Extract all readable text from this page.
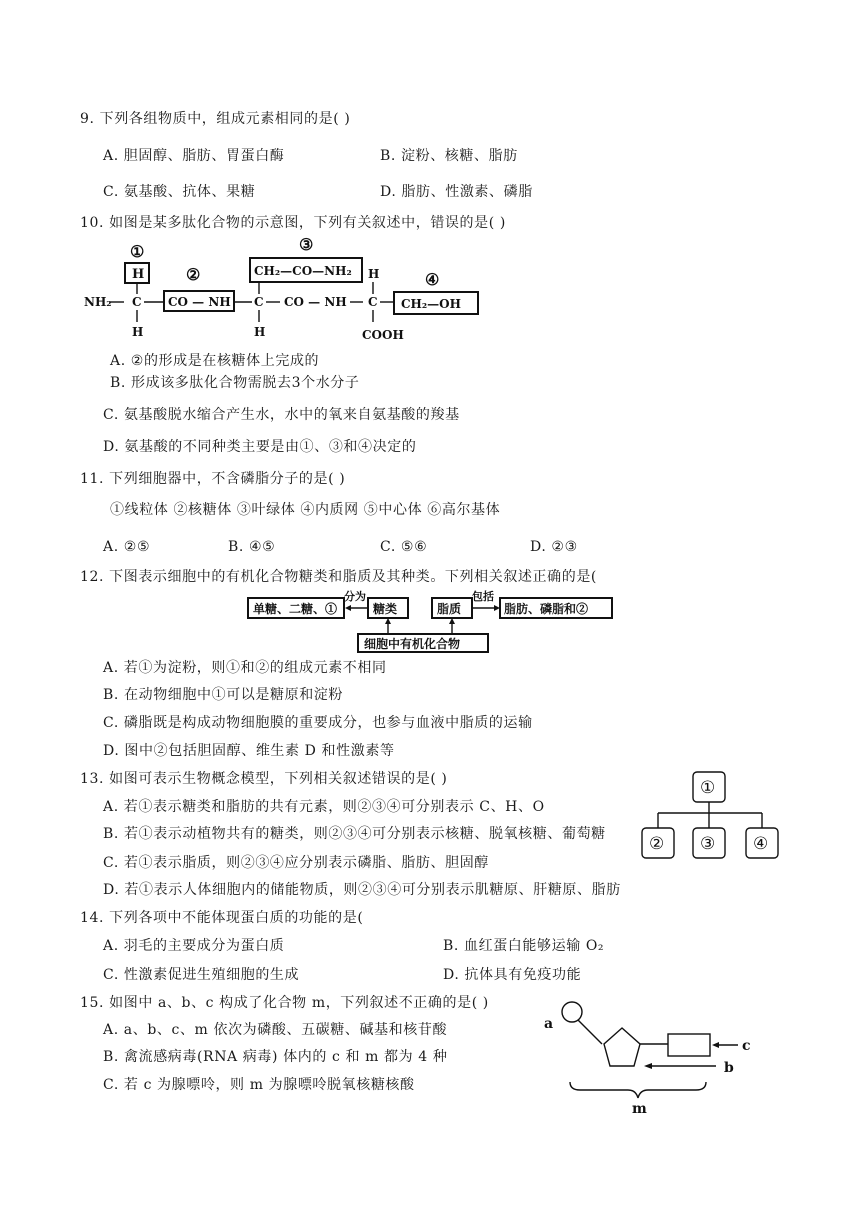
9. 下列各组物质中，组成元素相同的是( )
A. 胆固醇、脂肪、胃蛋白酶	B. 淀粉、核糖、脂肪
C. 氨基酸、抗体、果糖	D. 脂肪、性激素、磷脂
10. 如图是某多肽化合物的示意图，下列有关叙述中，错误的是( )
①
②
③
④
H
CO — NH
CH₂—CO—NH₂
CH₂—OH
NH₂ C
H
C
H
CO — NH
H
C
COOH
A. ②的形成是在核糖体上完成的
B. 形成该多肽化合物需脱去3个水分子
C. 氨基酸脱水缩合产生水，水中的氧来自氨基酸的羧基
D. 氨基酸的不同种类主要是由①、③和④决定的
11. 下列细胞器中，不含磷脂分子的是( )
①线粒体 ②核糖体 ③叶绿体 ④内质网 ⑤中心体 ⑥高尔基体
A. ②⑤	B. ④⑤	C. ⑤⑥	D. ②③
12. 下图表示细胞中的有机化合物糖类和脂质及其种类。下列相关叙述正确的是(
单糖、二糖、①
分为
糖类	脂质
包括
脂肪、磷脂和②
细胞中有机化合物
A. 若①为淀粉，则①和②的组成元素不相同
B. 在动物细胞中①可以是糖原和淀粉
C. 磷脂既是构成动物细胞膜的重要成分，也参与血液中脂质的运输
D. 图中②包括胆固醇、维生素 D 和性激素等
13. 如图可表示生物概念模型，下列相关叙述错误的是( )
A. 若①表示糖类和脂肪的共有元素，则②③④可分别表示 C、H、O
B. 若①表示动植物共有的糖类，则②③④可分别表示核糖、脱氧核糖、葡萄糖
C. 若①表示脂质，则②③④应分别表示磷脂、脂肪、胆固醇
D. 若①表示人体细胞内的储能物质，则②③④可分别表示肌糖原、肝糖原、脂肪
①
② ③ ④
14. 下列各项中不能体现蛋白质的功能的是(
A. 羽毛的主要成分为蛋白质	B. 血红蛋白能够运输 O₂
C. 性激素促进生殖细胞的生成	D. 抗体具有免疫功能
15. 如图中 a、b、c 构成了化合物 m，下列叙述不正确的是( )
A. a、b、c、m 依次为磷酸、五碳糖、碱基和核苷酸
B. 禽流感病毒(RNA 病毒) 体内的 c 和 m 都为 4 种
C. 若 c 为腺嘌呤，则 m 为腺嘌呤脱氧核糖核酸
a
c
b
m
